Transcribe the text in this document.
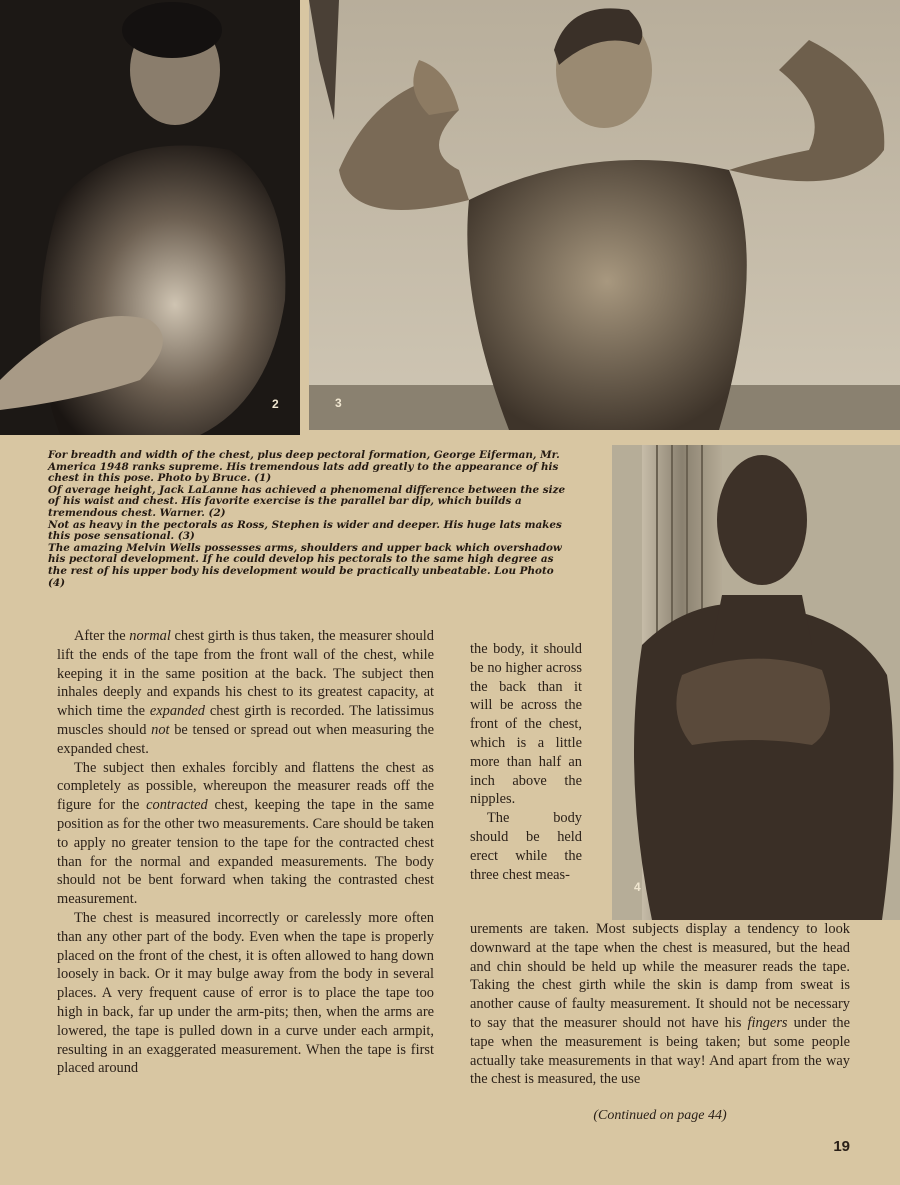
2	3

For breadth and width of the chest, plus deep pectoral formation, George Eiferman, Mr. America 1948 ranks supreme. His tremendous lats add greatly to the appearance of his chest in this pose. Photo by Bruce. (1)

Of average height, Jack LaLanne has achieved a phenomenal difference between the size of his waist and chest. His favorite exercise is the parallel bar dip, which builds a tremendous chest. Warner. (2)

Not as heavy in the pectorals as Ross, Stephen is wider and deeper. His huge lats makes this pose sensational. (3)

The amazing Melvin Wells possesses arms, shoulders and upper back which overshadow his pectoral development. If he could develop his pectorals to the same high degree as the rest of his upper body his development would be practically unbeatable. Lou Photo (4)

4

After the normal chest girth is thus taken, the measurer should lift the ends of the tape from the front wall of the chest, while keeping it in the same position at the back. The subject then inhales deeply and expands his chest to its greatest capacity, at which time the expanded chest girth is recorded. The latissimus muscles should not be tensed or spread out when measuring the expanded chest.

The subject then exhales forcibly and flattens the chest as completely as possible, whereupon the measurer reads off the figure for the contracted chest, keeping the tape in the same position as for the other two measurements. Care should be taken to apply no greater tension to the tape for the contracted chest than for the normal and expanded measurements. The body should not be bent forward when taking the contrasted chest measurement.

The chest is measured incorrectly or carelessly more often than any other part of the body. Even when the tape is properly placed on the front of the chest, it is often allowed to hang down loosely in back. Or it may bulge away from the body in several places. A very frequent cause of error is to place the tape too high in back, far up under the arm-pits; then, when the arms are lowered, the tape is pulled down in a curve under each armpit, resulting in an exaggerated measurement. When the tape is first placed around

the body, it should be no higher across the back than it will be across the front of the chest, which is a little more than half an inch above the nipples.

The body should be held erect while the three chest meas-

urements are taken. Most subjects display a tendency to look downward at the tape when the chest is measured, but the head and chin should be held up while the measurer reads the tape. Taking the chest girth while the skin is damp from sweat is another cause of faulty measurement. It should not be necessary to say that the measurer should not have his fingers under the tape when the measurement is being taken; but some people actually take measurements in that way! And apart from the way the chest is measured, the use

(Continued on page 44)
19
